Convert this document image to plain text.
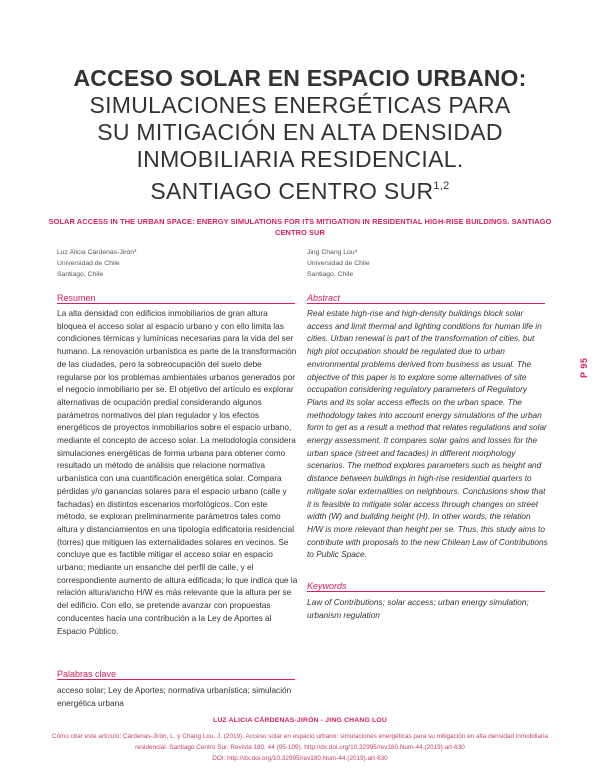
ACCESO SOLAR EN ESPACIO URBANO:
SIMULACIONES ENERGÉTICAS PARA
SU MITIGACIÓN EN ALTA DENSIDAD
INMOBILIARIA RESIDENCIAL.
SANTIAGO CENTRO SUR$^{1,2}$
SOLAR ACCESS IN THE URBAN SPACE: ENERGY SIMULATIONS FOR ITS MITIGATION IN RESIDENTIAL HIGH-RISE BUILDINGS. SANTIAGO CENTRO SUR
Luz Alicia Cárdenas-Jirón³
Universidad de Chile
Santiago, Chile
Jing Chang Lou⁴
Universidad de Chile
Santiago, Chile
Resumen
La alta densidad con edificios inmobiliarios de gran altura bloquea el acceso solar al espacio urbano y con ello limita las condiciones térmicas y lumínicas necesarias para la vida del ser humano. La renovación urbanística es parte de la transformación de las ciudades, pero la sobreocupación del suelo debe regularse por los problemas ambientales urbanos generados por el negocio inmobiliario per se. El objetivo del artículo es explorar alternativas de ocupación predial considerando algunos parámetros normativos del plan regulador y los efectos energéticos de proyectos inmobiliarios sobre el espacio urbano, mediante el concepto de acceso solar. La metodología considera simulaciones energéticas de forma urbana para obtener como resultado un método de análisis que relacione normativa urbanística con una cuantificación energética solar. Compara pérdidas y/o ganancias solares para el espacio urbano (calle y fachadas) en distintos escenarios morfológicos. Con este método, se exploran preliminarmente parámetros tales como altura y distanciamientos en una tipología edificatoria residencial (torres) que mitiguen las externalidades solares en vecinos. Se concluye que es factible mitigar el acceso solar en espacio urbano; mediante un ensanche del perfil de calle, y el correspondiente aumento de altura edificada; lo que indica que la relación altura/ancho H/W es más relevante que la altura per se del edificio. Con ello, se pretende avanzar con propuestas conducentes hacia una contribución a la Ley de Aportes al Espacio Público.
Abstract
Real estate high-rise and high-density buildings block solar access and limit thermal and lighting conditions for human life in cities. Urban renewal is part of the transformation of cities, but high plot occupation should be regulated due to urban environmental problems derived from business as usual. The objective of this paper is to explore some alternatives of site occupation considering regulatory parameters of Regulatory Plans and its solar access effects on the urban space. The methodology takes into account energy simulations of the urban form to get as a result a method that relates regulations and solar energy assessment. It compares solar gains and losses for the urban space (street and facades) in different morphology scenarios. The method explores parameters such as height and distance between buildings in high-rise residential quarters to mitigate solar externalities on neighbours. Conclusions show that it is feasible to mitigate solar access through changes on street width (W) and building height (H). In other words, the relation H/W is more relevant than height per se. Thus, this study aims to contribute with proposals to the new Chilean Law of Contributions to Public Space.
Keywords
Law of Contributions; solar access; urban energy simulation; urbanism regulation
Palabras clave
acceso solar; Ley de Aportes; normativa urbanística; simulación energética urbana
P 95
LUZ ALICIA CÁRDENAS-JIRÓN - JING CHANG LOU
Cómo citar este artículo: Cárdenas-Jirón, L. y Chang Lou, J. (2019). Acceso solar en espacio urbano: simulaciones energéticas para su mitigación en alta densidad inmobiliaria residencial. Santiago Centro Sur. Revista 180, 44 (95-109). http://dx.doi.org/10.32995/rev180.Num-44.(2019).art-630
DOI: http://dx.doi.org/10.32995/rev180.Num-44.(2019).art-630
